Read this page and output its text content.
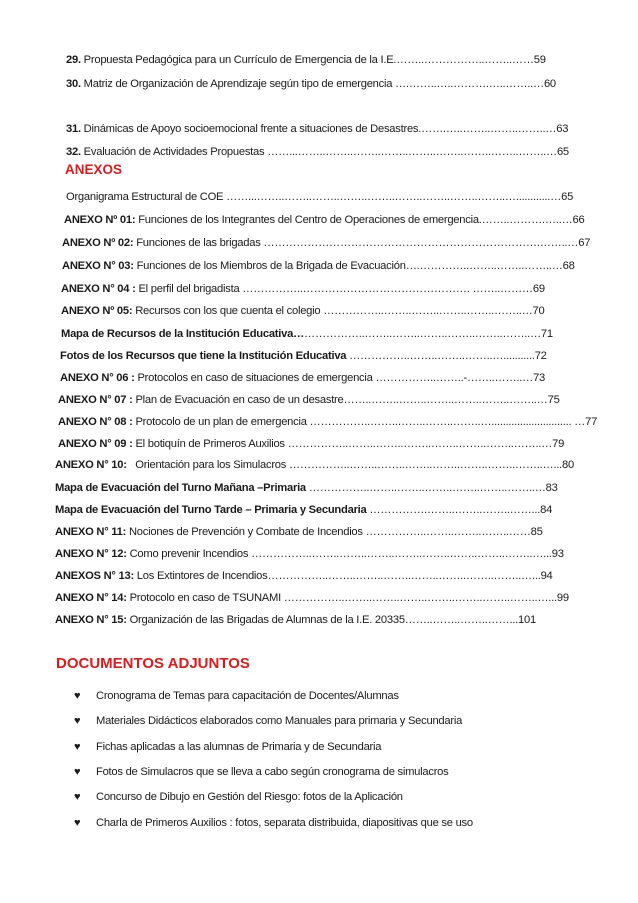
29. Propuesta Pedagógica para un Currículo de Emergencia de la I.E.……..……………..……..……59
30. Matriz de Organización de Aprendizaje según tipo de emergencia ….……..…..……….…..……..…60
31. Dinámicas de Apoyo socioemocional frente a situaciones de Desastres.…….…..……..……..……..…63
32. Evaluación de Actividades Propuestas ……...……..……..……..……..……..……..……..……..……..…65
ANEXOS
Organigrama Estructural de COE ……...……..……..……..……..……..……..……..……..……..…............…65
ANEXO Nº 01: Funciones de los Integrantes del Centro de Operaciones de emergencia.……..……….…..…66
ANEXO Nº 02: Funciones de las brigadas ………………………………………………………………….……..…67
ANEXO N° 03: Funciones de los Miembros de la Brigada de Evacuación….…………..……..……..……..…68
ANEXO N° 04 : El perfil del brigadista ……………..………………………………………. ……..………69
ANEXO Nº 05: Recursos con los que cuenta el colegio ……………..……..……..……..……..……..…70
Mapa de Recursos de la Institución Educativa………………..……..……..……..……..……..……..…71
Fotos de los Recursos que tiene la Institución Educativa ……………..……..……..……..…...........72
ANEXO N° 06 : Protocolos en caso de situaciones de emergencia ……………..……..-……..……..…73
ANEXO N° 07 : Plan de Evacuación en caso de un desastre……..……..……..……..……..……..……..…75
ANEXO N° 08 : Protocolo de un plan de emergencia ……………..……..……..……..……..…............................ …77
ANEXO N° 09 : El botiquín de Primeros Auxilios ……………..……..……..……..……..……..……..……..…79
ANEXO N° 10:   Orientación para los Simulacros ……………..……..……..……..……..……..……..……..…...80
Mapa de Evacuación del Turno Mañana –Primaria ……………..……..……..……..……..……..……..…83
Mapa de Evacuación del Turno Tarde – Primaria y Secundaria …………….……..……..……..……...84
ANEXO N° 11: Nociones de Prevención y Combate de Incendios ……………..……..……..……..……85
ANEXO N° 12: Como prevenir Incendios ……………..……..……..……..……..……..……..……..……..…...93
ANEXOS N° 13: Los Extintores de Incendios……………..……..……..……..……..……..……..……..…...94
ANEXO N° 14: Protocolo en caso de TSUNAMI ……………..……..……..……..……..……..……..……..…...99
ANEXO N° 15: Organización de las Brigadas de Alumnas de la I.E. 20335……..……..……..……...101
DOCUMENTOS ADJUNTOS
♥ Cronograma de Temas para capacitación de Docentes/Alumnas
♥ Materiales Didácticos elaborados como Manuales para primaria y Secundaria
♥ Fichas aplicadas a las alumnas de Primaria y de Secundaria
♥ Fotos de Simulacros que se lleva a cabo según cronograma de simulacros
♥ Concurso de Dibujo en Gestión del Riesgo: fotos de la Aplicación
♥ Charla de Primeros Auxilios : fotos, separata distribuida, diapositivas que se uso
